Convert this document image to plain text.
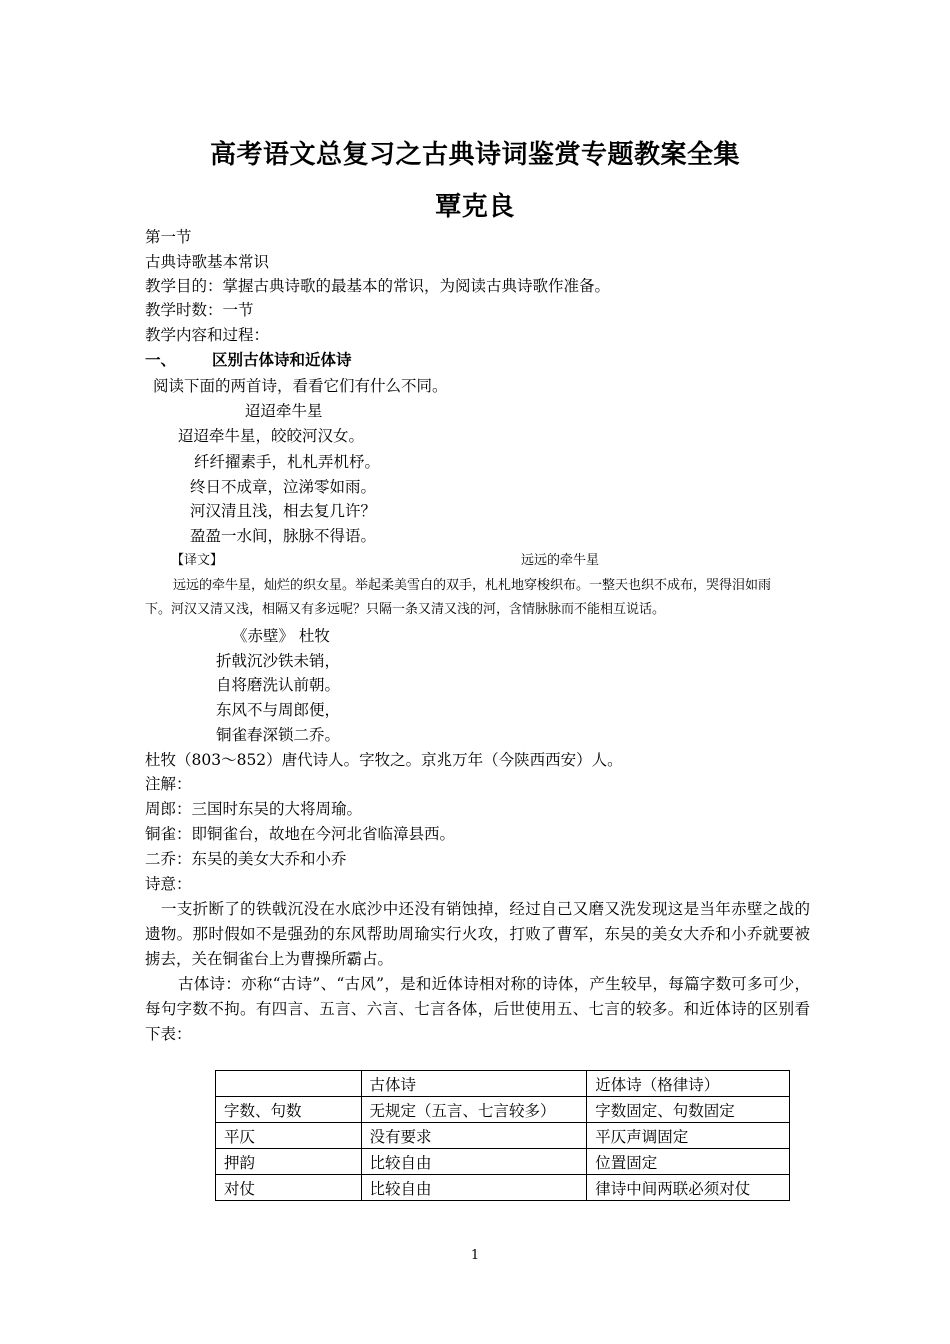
高考语文总复习之古典诗词鉴赏专题教案全集
覃克良
第一节
古典诗歌基本常识
教学目的：掌握古典诗歌的最基本的常识，为阅读古典诗歌作准备。
教学时数：一节
教学内容和过程：
一、 区别古体诗和近体诗
阅读下面的两首诗，看看它们有什么不同。
迢迢牵牛星
迢迢牵牛星，皎皎河汉女。
纤纤擢素手，札札弄机杼。
终日不成章，泣涕零如雨。
河汉清且浅，相去复几许？
盈盈一水间，脉脉不得语。
【译文】	远远的牵牛星
远远的牵牛星，灿烂的织女星。举起柔美雪白的双手，札札地穿梭织布。一整天也织不成布，哭得泪如雨
下。河汉又清又浅，相隔又有多远呢？只隔一条又清又浅的河，含情脉脉而不能相互说话。
《赤壁》 杜牧
折戟沉沙铁未销，
自将磨洗认前朝。
东风不与周郎便，
铜雀春深锁二乔。
杜牧（803～852）唐代诗人。字牧之。京兆万年（今陕西西安）人。
注解：
周郎：三国时东吴的大将周瑜。
铜雀：即铜雀台，故地在今河北省临漳县西。
二乔：东吴的美女大乔和小乔
诗意：
一支折断了的铁戟沉没在水底沙中还没有销蚀掉，经过自己又磨又洗发现这是当年赤壁之战的遗物。那时假如不是强劲的东风帮助周瑜实行火攻，打败了曹军，东吴的美女大乔和小乔就要被掳去，关在铜雀台上为曹操所霸占。
古体诗：亦称“古诗”、“古风”，是和近体诗相对称的诗体，产生较早，每篇字数可多可少，每句字数不拘。有四言、五言、六言、七言各体，后世使用五、七言的较多。和近体诗的区别看下表：
	古体诗	近体诗（格律诗）
字数、句数	无规定（五言、七言较多）	字数固定、句数固定
平仄	没有要求	平仄声调固定
押韵	比较自由	位置固定
对仗	比较自由	律诗中间两联必须对仗
1
